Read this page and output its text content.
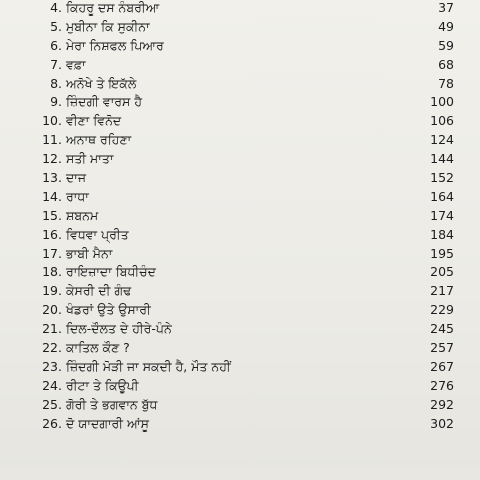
4. ਕਿਹਰੂ ਦਸ ਨੰਬਰੀਆ	37
5. ਮੁਬੀਨਾ ਕਿ ਸੁਕੀਨਾ	49
6. ਮੇਰਾ ਨਿਸ਼ਫਲ ਪਿਆਰ	59
7. ਵਫ਼ਾ	68
8. ਅਨੋਖੇ ਤੇ ਇਕੱਲੇ	78
9. ਜ਼ਿੰਦਗੀ ਵਾਰਸ ਹੈ	100
10. ਵੀਣਾ ਵਿਨੋਦ	106
11. ਅਨਾਥ ਰਹਿਣਾ	124
12. ਸਤੀ ਮਾਤਾ	144
13. ਦਾਜ	152
14. ਰਾਧਾ	164
15. ਸ਼ਬਨਮ	174
16. ਵਿਧਵਾ ਪ੍ਰੀਤ	184
17. ਭਾਬੀ ਮੈਨਾ	195
18. ਰਾਇਜ਼ਾਦਾ ਬਿਧੀਚੰਦ	205
19. ਕੇਸਰੀ ਦੀ ਗੰਢ	217
20. ਖੰਡਰਾਂ ਉਤੇ ਉਸਾਰੀ	229
21. ਦਿਲ-ਦੌਲਤ ਦੇ ਹੀਰੇ-ਪੰਨੇ	245
22. ਕਾਤਿਲ ਕੌਣ ?	257
23. ਜ਼ਿੰਦਗੀ ਮੋੜੀ ਜਾ ਸਕਦੀ ਹੈ, ਮੌਤ ਨਹੀਂ	267
24. ਰੀਟਾ ਤੇ ਕਿਊਪੀ	276
25. ਗੋਰੀ ਤੇ ਭਗਵਾਨ ਬੁੱਧ	292
26. ਦੋ ਯਾਦਗਾਰੀ ਆਂਸੂ	302
